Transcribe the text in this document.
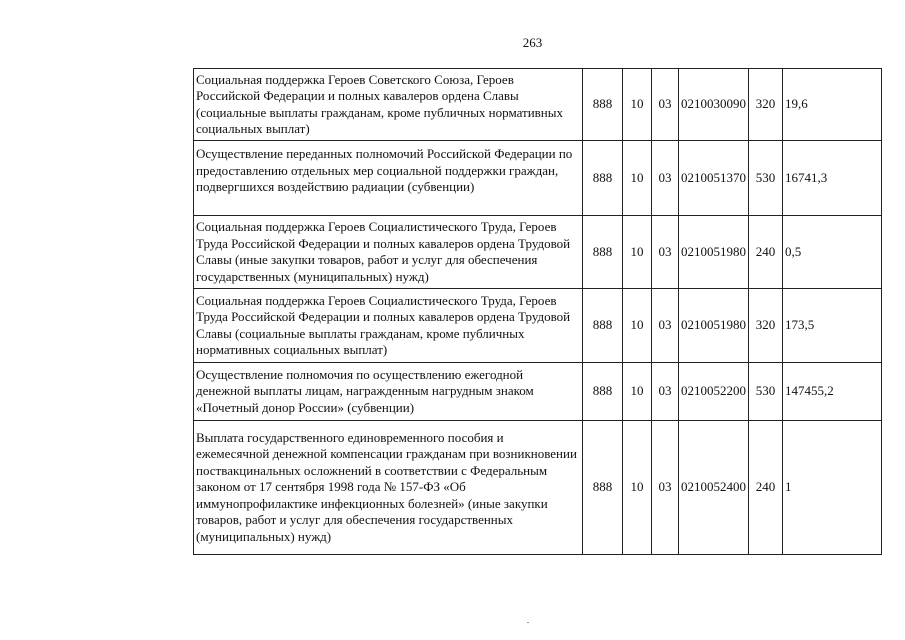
263
Социальная поддержка Героев Советского Союза, Героев Российской Федерации и полных кавалеров ордена Славы (социальные выплаты гражданам, кроме публичных нормативных социальных выплат)	888	10	03	0210030090	320	19,6
Осуществление переданных полномочий Российской Федерации по предоставлению отдельных мер социальной поддержки граждан, подвергшихся воздействию радиации (субвенции)	888	10	03	0210051370	530	16741,3
Социальная поддержка Героев Социалистического Труда, Героев Труда Российской Федерации и полных кавалеров ордена Трудовой Славы (иные закупки товаров, работ и услуг для обеспечения государственных (муниципальных) нужд)	888	10	03	0210051980	240	0,5
Социальная поддержка Героев Социалистического Труда, Героев Труда Российской Федерации и полных кавалеров ордена Трудовой Славы (социальные выплаты гражданам, кроме публичных нормативных социальных выплат)	888	10	03	0210051980	320	173,5
Осуществление полномочия по осуществлению ежегодной денежной выплаты лицам, награжденным нагрудным знаком «Почетный донор России» (субвенции)	888	10	03	0210052200	530	147455,2
Выплата государственного единовременного пособия и ежемесячной денежной компенсации гражданам при возникновении поствакцинальных осложнений в соответствии с Федеральным законом от 17 сентября 1998 года № 157-ФЗ «Об иммунопрофилактике инфекционных болезней» (иные закупки товаров, работ и услуг для обеспечения государственных (муниципальных) нужд)	888	10	03	0210052400	240	1
